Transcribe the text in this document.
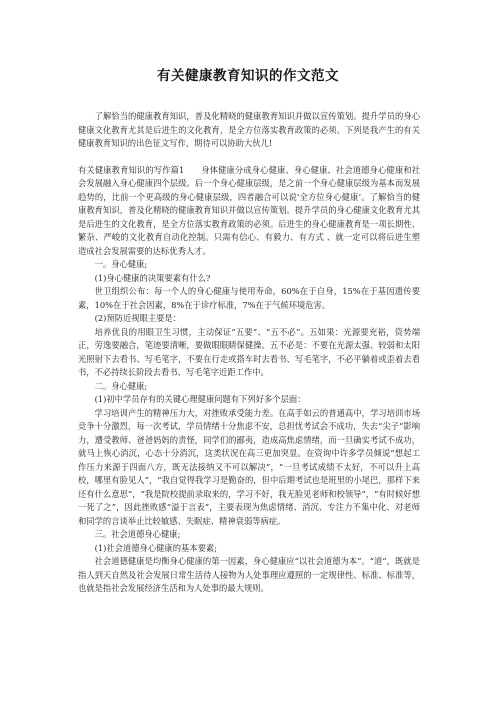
有关健康教育知识的作文范文

了解恰当的健康教育知识，普及化精晓的健康教育知识并做以宣传策划。提升学员的身心健康文化教育尤其是后进生的文化教育，是全方位落实教育政策的必须。下列是我产生的有关健康教育知识的出色征文写作，期待可以协助大伙儿!

有关健康教育知识的写作篇1　　身体健康分成身心健康、身心健康、社会道德身心健康和社会发展融入身心健康四个层级。后一个身心健康层级，是之前一个身心健康层级为基本而发展趋势的，比前一个更高级的身心健康层级，四者融合可以说‘全方位身心健康’。了解恰当的健康教育知识，普及化精晓的健康教育知识并做以宣传策划。提升学员的身心健康文化教育尤其是后进生的文化教育，是全方位落实教育政策的必须。后进生的身心健康教育是一项长期性、繁杂、严峻的文化教育自动化控制。只需有信心、有毅力、有方式 、就一定可以将后进生塑造成社会发展需要的达标优秀人才。

一。身心健康;

(1)身心健康的决策要素有什么?

世卫组织公布：每一个人的身心健康与使用寿命，60%在于自身，15%在于基因遗传要素，10%在于社会因素，8%在于诊疗标准，7%在于气候环境危害。

(2)预防近视眼主要是：

培养优良的用眼卫生习惯，主动保证“五要”、“五不必”。五如果：光源要充裕，资势端正，劳逸要融合，笔迹要清晰，要做眼眼睛保健操。五不必是：不要在光源太强、较弱和太阳光照射下去看书、写毛笔字，不要在行走或搭车时去看书、写毛笔字，不必平躺着或歪着去看书，不必持续长阶段去看书、写毛笔字近距工作中。

二。身心健康;

(1)初中学员存有的关键心理健康问题有下列好多个层面：

学习培训产生的精神压力大，对挫败承受能力差。在高手如云的普通高中，学习培训市场竞争十分激烈，每一次考试，学员情绪十分焦虑不安，总担忧考试会不成功，失去“尖子”影响力，遭受教师、爸爸妈妈的责怪，同学们的鄙夷，造成高焦虑情绪，而一旦确实考试不成功，就马上恢心消沉，心态十分消沉，这类状况在高三更加突显。在资询中许多学员倾说“想起工作压力来源于四面八方，既无法接纳又不可以解决”，“一旦考试成绩不太好，不可以升上高校，哪里有脸见人”，“我自觉得我学习是勤奋的，但中后期考试也是班里的小尾巴，那样下来还有什么意思”，“我是院校提前录取来的，学习不好，我无脸见老师和校领导”，“有时候好想一死了之”，因此挫败感“溢于言表”，主要表现为焦虑情绪、消沉、专注力不集中化、对老师和同学的言谈举止比较敏感、失眠症、精神衰弱等病症。

三。社会道德身心健康;

(1)社会道德身心健康的基本要素;

社会道德健康是均衡身心健康的第一因素，身心健康应“以社会道德为本”。“道”，既就是指人到天自然及社会发展日常生活待人接物为人处事理应遵照的一定规律性、标准、标准等，也就是指社会发展经济生活和为人处事的最大规则。
